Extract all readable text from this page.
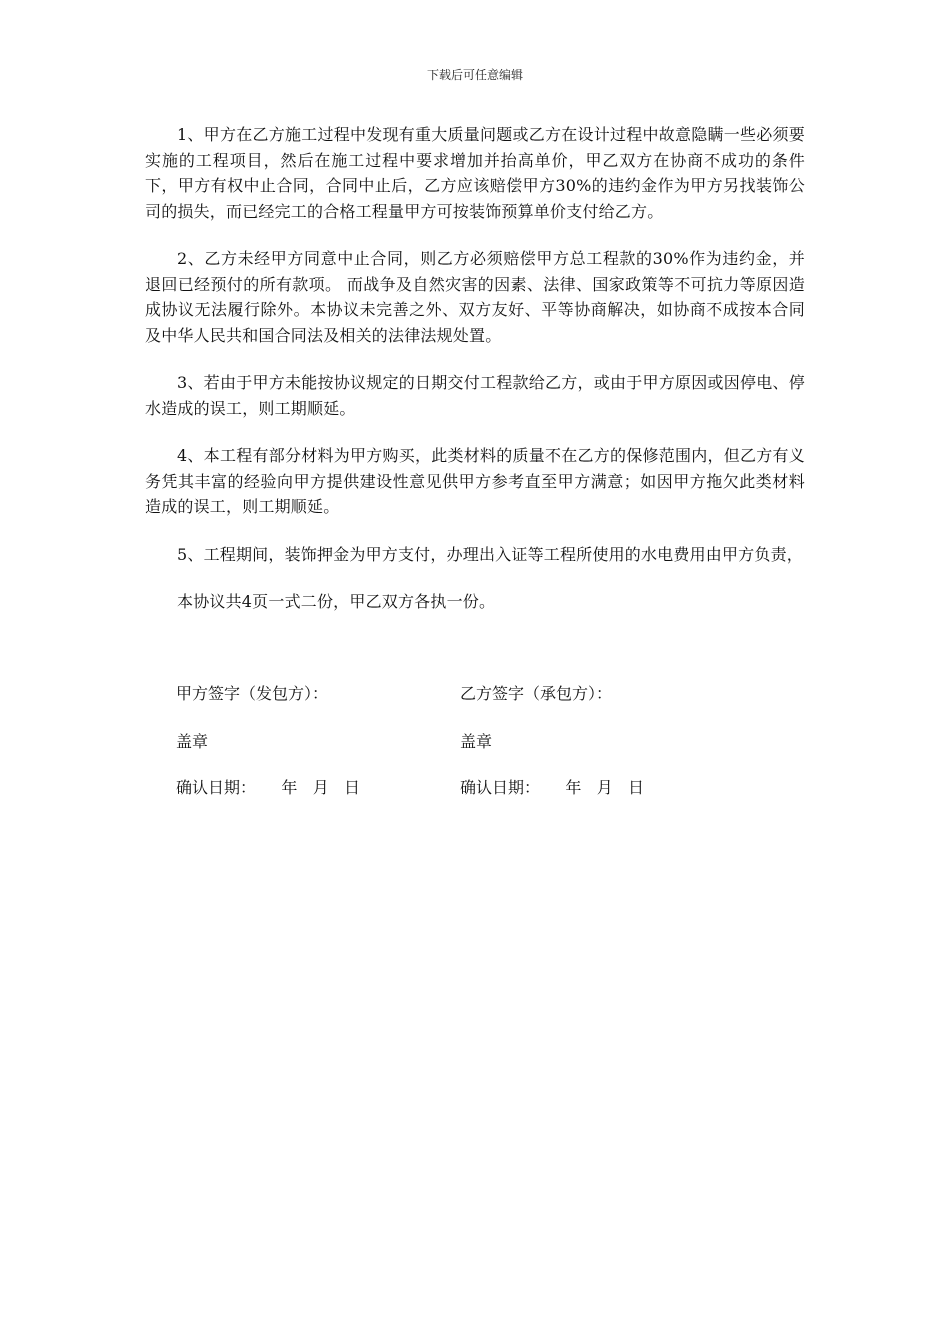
下载后可任意编辑

1、甲方在乙方施工过程中发现有重大质量问题或乙方在设计过程中故意隐瞒一些必须要实施的工程项目，然后在施工过程中要求增加并抬高单价，甲乙双方在协商不成功的条件下，甲方有权中止合同，合同中止后，乙方应该赔偿甲方30%的违约金作为甲方另找装饰公司的损失，而已经完工的合格工程量甲方可按装饰预算单价支付给乙方。

2、乙方未经甲方同意中止合同，则乙方必须赔偿甲方总工程款的30%作为违约金，并退回已经预付的所有款项。 而战争及自然灾害的因素、法律、国家政策等不可抗力等原因造成协议无法履行除外。本协议未完善之外、双方友好、平等协商解决，如协商不成按本合同及中华人民共和国合同法及相关的法律法规处置。

3、若由于甲方未能按协议规定的日期交付工程款给乙方，或由于甲方原因或因停电、停水造成的误工，则工期顺延。

4、本工程有部分材料为甲方购买，此类材料的质量不在乙方的保修范围内，但乙方有义务凭其丰富的经验向甲方提供建设性意见供甲方参考直至甲方满意；如因甲方拖欠此类材料造成的误工，则工期顺延。

5、工程期间，装饰押金为甲方支付，办理出入证等工程所使用的水电费用由甲方负责，

本协议共4页一式二份，甲乙双方各执一份。

甲方签字（发包方）：	乙方签字（承包方）：
盖章	盖章
确认日期：     年   月   日	确认日期：     年   月   日
